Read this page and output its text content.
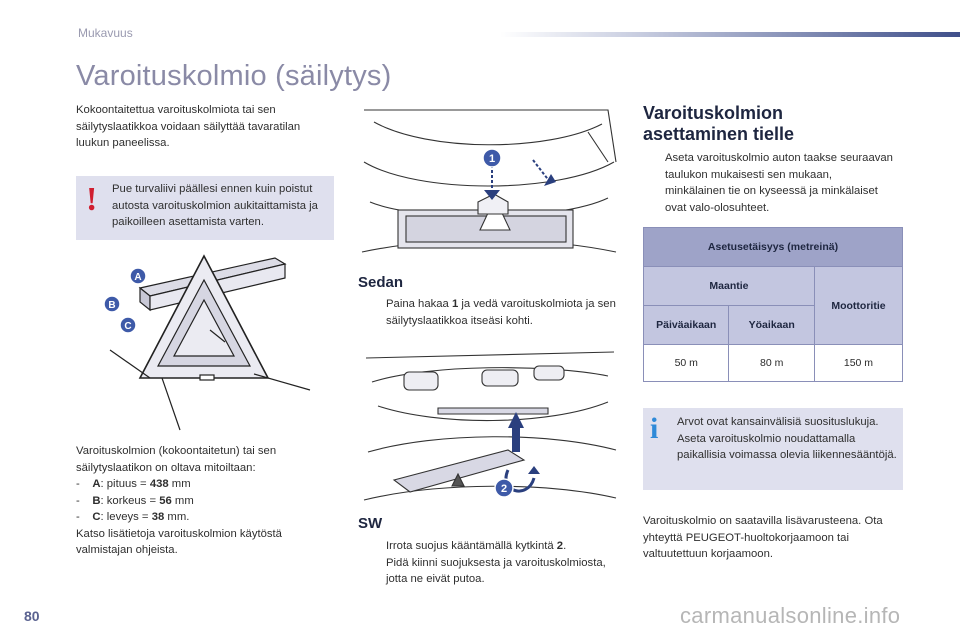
Mukavuus
Varoituskolmio (säilytys)
Kokoontaitettua varoituskolmiota tai sen säilytyslaatikkoa voidaan säilyttää tavaratilan luukun paneelissa.
! Pue turvaliivi päällesi ennen kuin poistut autosta varoituskolmion aukitaittamista ja paikoilleen asettamista varten.
A
B
C
Varoituskolmion (kokoontaitetun) tai sen säilytyslaatikon on oltava mitoiltaan:
- A: pituus = 438 mm
- B: korkeus = 56 mm
- C: leveys = 38 mm.
Katso lisätietoja varoituskolmion käytöstä valmistajan ohjeista.
1
Sedan
Paina hakaa 1 ja vedä varoituskolmiota ja sen säilytyslaatikkoa itseäsi kohti.
2
SW
Irrota suojus kääntämällä kytkintä 2.
Pidä kiinni suojuksesta ja varoituskolmiosta, jotta ne eivät putoa.
Varoituskolmion asettaminen tielle
Aseta varoituskolmio auton taakse seuraavan taulukon mukaisesti sen mukaan, minkälainen tie on kyseessä ja minkälaiset ovat valo-olosuhteet.
Asetusetäisyys (metreinä)		
Maantie		Moottoritie
Päiväaikaan	Yöaikaan	
50 m	80 m	150 m
i Arvot ovat kansainvälisiä suosituslukuja. Aseta varoituskolmio noudattamalla paikallisia voimassa olevia liikennesääntöjä.
Varoituskolmio on saatavilla lisävarusteena. Ota yhteyttä PEUGEOT-huoltokorjaamoon tai valtuutettuun korjaamoon.
80	carmanualsonline.info
